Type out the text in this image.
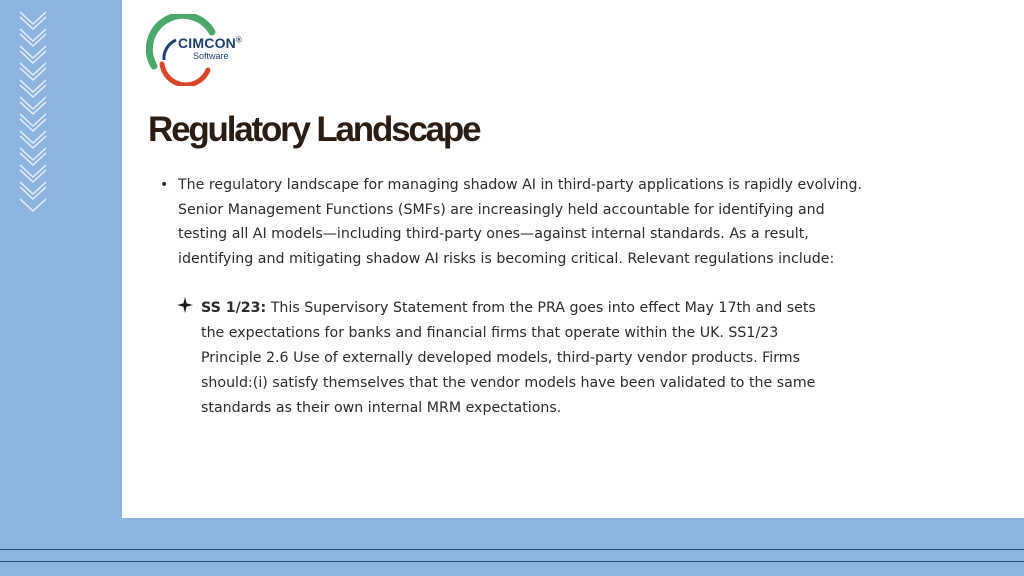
CIMCON®
Software
Regulatory Landscape
• The regulatory landscape for managing shadow AI in third-party applications is rapidly evolving. Senior Management Functions (SMFs) are increasingly held accountable for identifying and testing all AI models—including third-party ones—against internal standards. As a result, identifying and mitigating shadow AI risks is becoming critical. Relevant regulations include:
SS 1/23: This Supervisory Statement from the PRA goes into effect May 17th and sets the expectations for banks and financial firms that operate within the UK. SS1/23 Principle 2.6 Use of externally developed models, third-party vendor products. Firms should:(i) satisfy themselves that the vendor models have been validated to the same standards as their own internal MRM expectations.
